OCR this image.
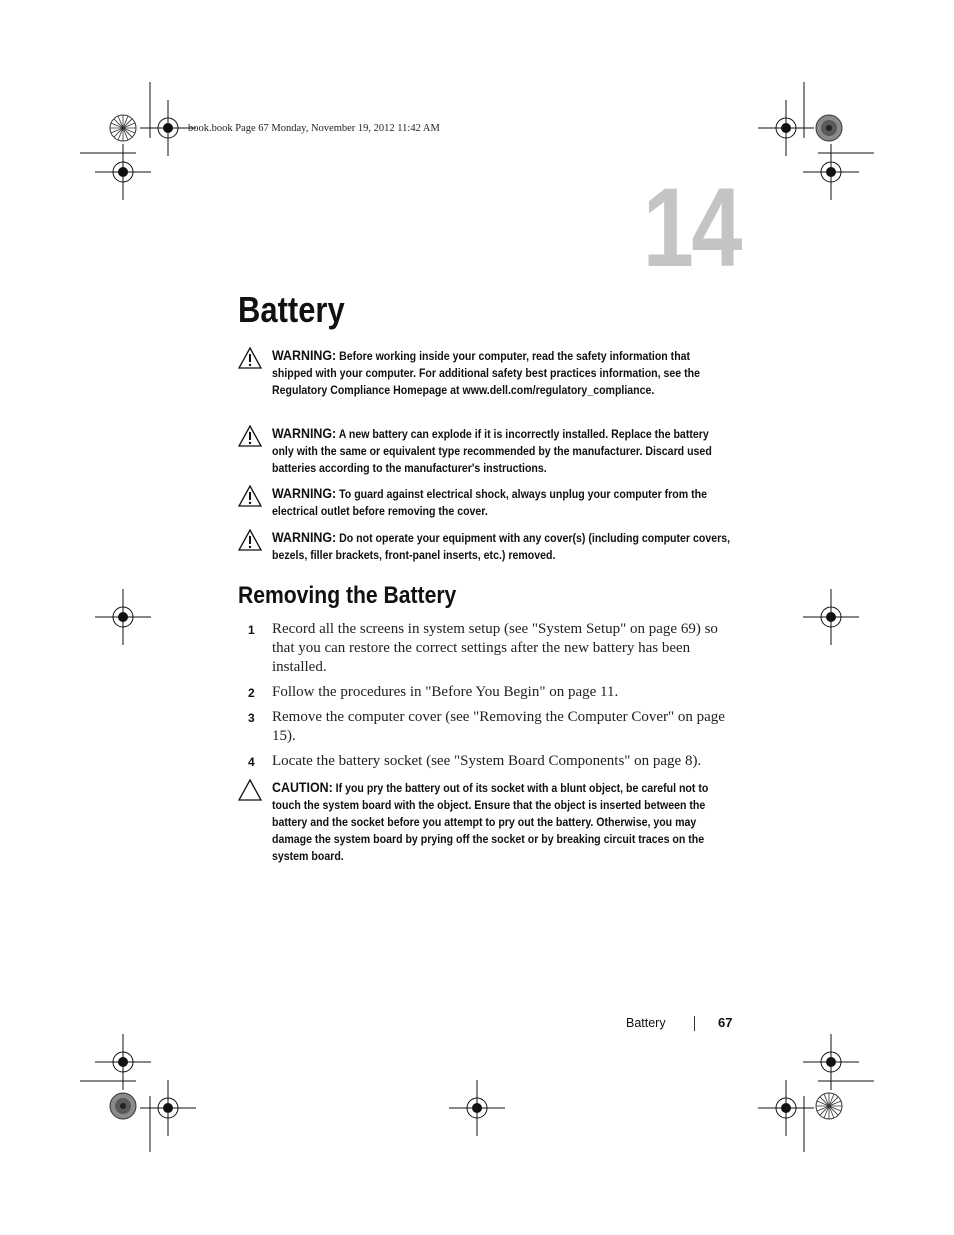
book.book Page 67 Monday, November 19, 2012 11:42 AM
14
Battery
WARNING: Before working inside your computer, read the safety information that shipped with your computer. For additional safety best practices information, see the Regulatory Compliance Homepage at www.dell.com/regulatory_compliance.
WARNING: A new battery can explode if it is incorrectly installed. Replace the battery only with the same or equivalent type recommended by the manufacturer. Discard used batteries according to the manufacturer's instructions.
WARNING: To guard against electrical shock, always unplug your computer from the electrical outlet before removing the cover.
WARNING: Do not operate your equipment with any cover(s) (including computer covers, bezels, filler brackets, front-panel inserts, etc.) removed.
Removing the Battery
1 Record all the screens in system setup (see "System Setup" on page 69) so that you can restore the correct settings after the new battery has been installed.
2 Follow the procedures in "Before You Begin" on page 11.
3 Remove the computer cover (see "Removing the Computer Cover" on page 15).
4 Locate the battery socket (see "System Board Components" on page 8).
CAUTION: If you pry the battery out of its socket with a blunt object, be careful not to touch the system board with the object. Ensure that the object is inserted between the battery and the socket before you attempt to pry out the battery. Otherwise, you may damage the system board by prying off the socket or by breaking circuit traces on the system board.
Battery	67
